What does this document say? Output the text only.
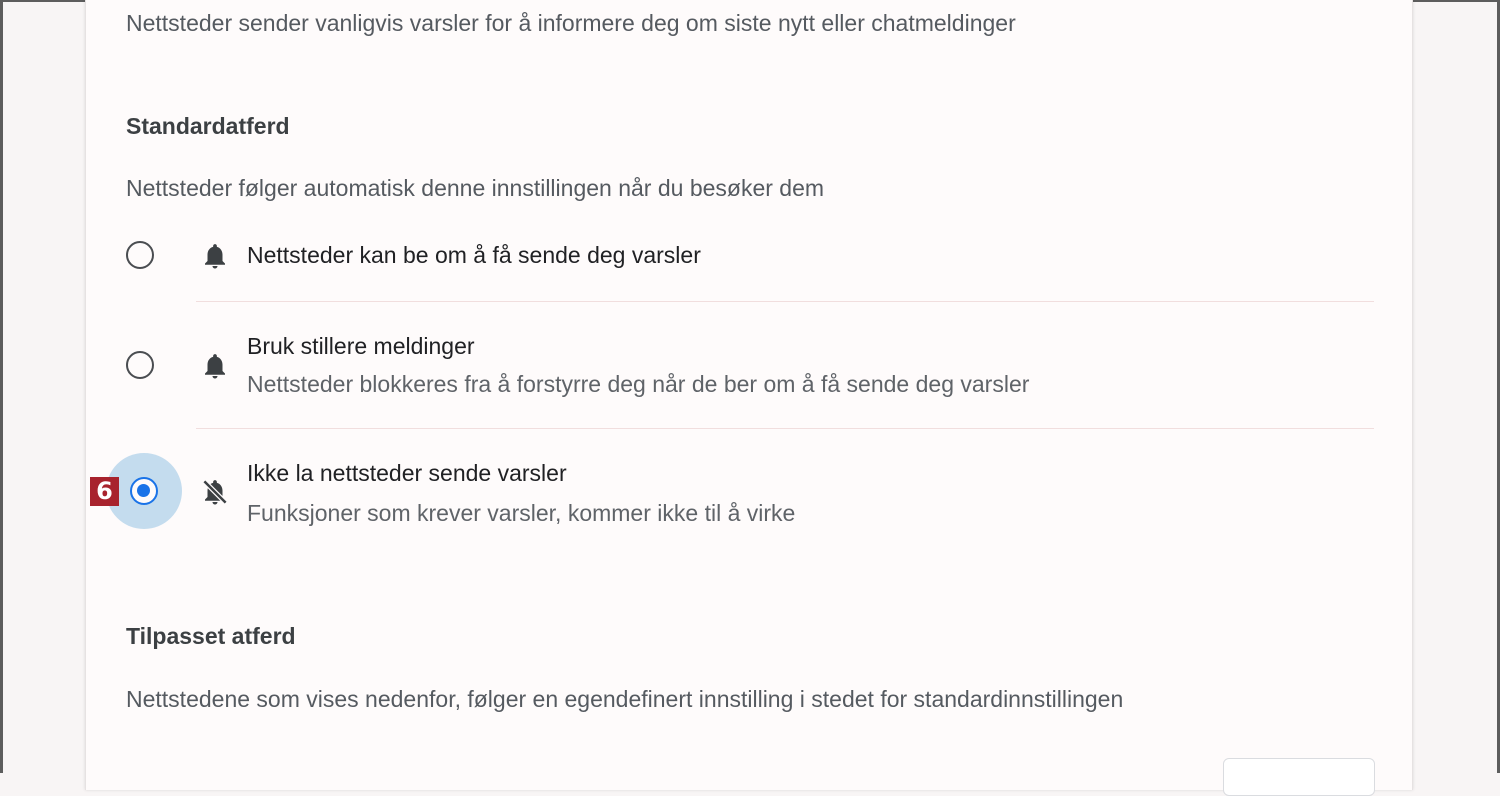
Nettsteder sender vanligvis varsler for å informere deg om siste nytt eller chatmeldinger
Standardatferd
Nettsteder følger automatisk denne innstillingen når du besøker dem
Nettsteder kan be om å få sende deg varsler
Bruk stillere meldinger
Nettsteder blokkeres fra å forstyrre deg når de ber om å få sende deg varsler
Ikke la nettsteder sende varsler
Funksjoner som krever varsler, kommer ikke til å virke
Tilpasset atferd
Nettstedene som vises nedenfor, følger en egendefinert innstilling i stedet for standardinnstillingen
6
